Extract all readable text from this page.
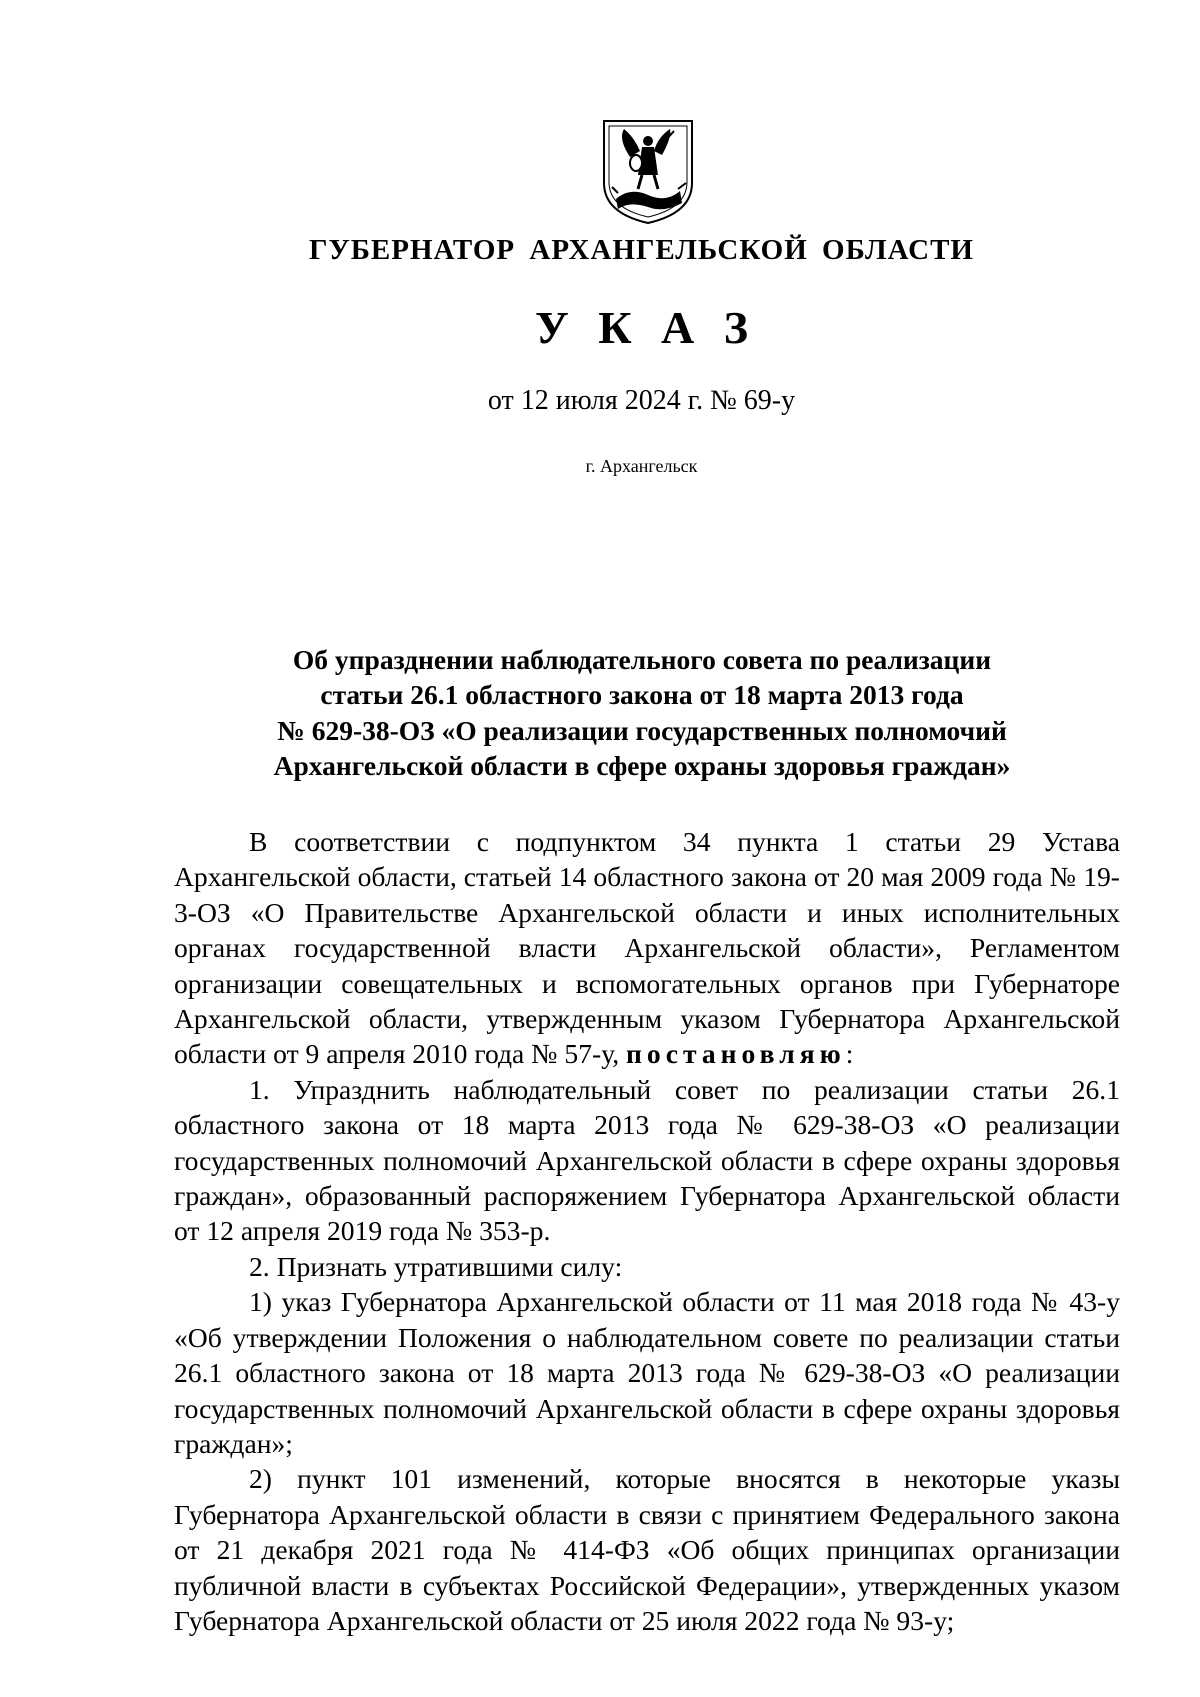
ГУБЕРНАТОР АРХАНГЕЛЬСКОЙ ОБЛАСТИ
У К А З
от 12 июля 2024 г. № 69-у
г. Архангельск
Об упразднении наблюдательного совета по реализации
статьи 26.1 областного закона от 18 марта 2013 года
№ 629-38-ОЗ «О реализации государственных полномочий
Архангельской области в сфере охраны здоровья граждан»

В соответствии с подпунктом 34 пункта 1 статьи 29 Устава Архангельской области, статьей 14 областного закона от 20 мая 2009 года № 19-3-ОЗ «О Правительстве Архангельской области и иных исполнительных органах государственной власти Архангельской области», Регламентом организации совещательных и вспомогательных органов при Губернаторе Архангельской области, утвержденным указом Губернатора Архангельской области от 9 апреля 2010 года № 57-у, постановляю:

1. Упразднить наблюдательный совет по реализации статьи 26.1 областного закона от 18 марта 2013 года № 629-38-ОЗ «О реализации государственных полномочий Архангельской области в сфере охраны здоровья граждан», образованный распоряжением Губернатора Архангельской области от 12 апреля 2019 года № 353-р.

2. Признать утратившими силу:

1) указ Губернатора Архангельской области от 11 мая 2018 года № 43-у «Об утверждении Положения о наблюдательном совете по реализации статьи 26.1 областного закона от 18 марта 2013 года № 629-38-ОЗ «О реализации государственных полномочий Архангельской области в сфере охраны здоровья граждан»;

2) пункт 101 изменений, которые вносятся в некоторые указы Губернатора Архангельской области в связи с принятием Федерального закона от 21 декабря 2021 года № 414-ФЗ «Об общих принципах организации публичной власти в субъектах Российской Федерации», утвержденных указом Губернатора Архангельской области от 25 июля 2022 года № 93-у;
